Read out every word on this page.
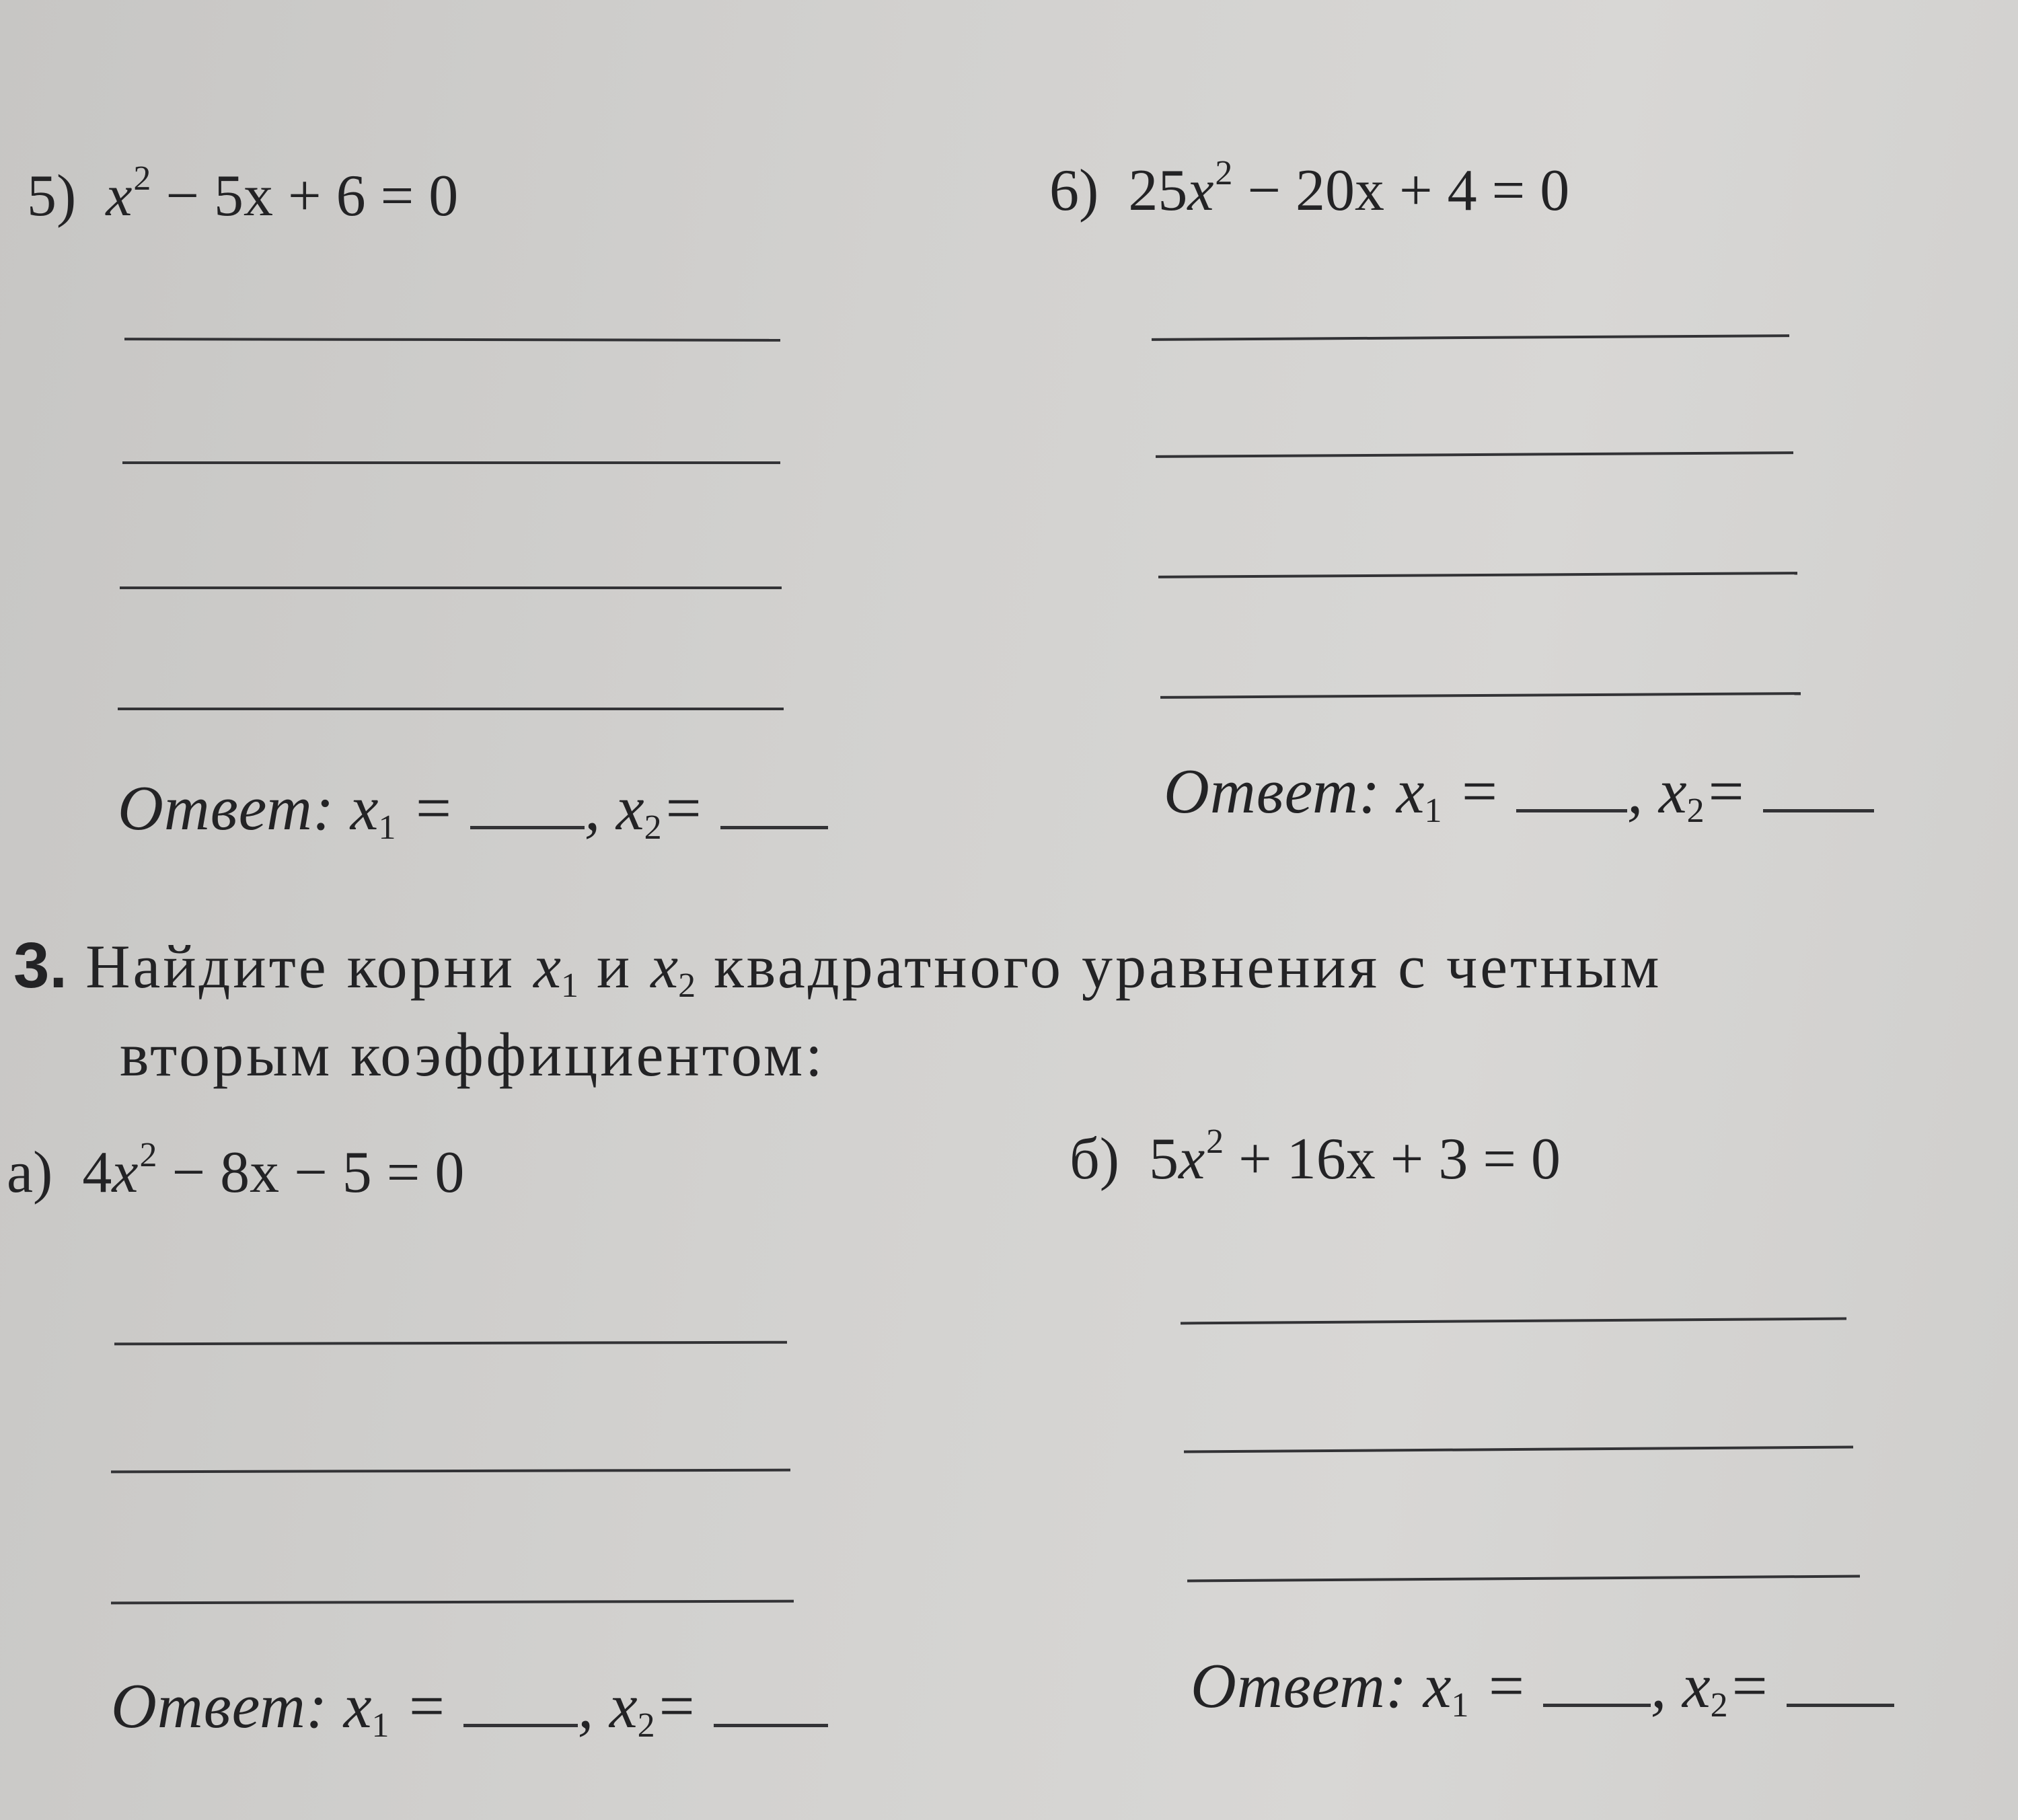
5) $x^2 - 5x + 6 = 0$	6) $25x^2 - 20x + 4 = 0$
Ответ: $x_1$ = , $x_2=$	Ответ: $x_1$ = , $x_2=$
3. Найдите корни $x_1$ и $x_2$ квадратного уравнения с четным
вторым коэффициентом:
а) $4x^2 - 8x - 5 = 0$	б) $5x^2 + 16x + 3 = 0$
Ответ: $x_1$ = , $x_2=$	Ответ: $x_1$ = , $x_2=$
